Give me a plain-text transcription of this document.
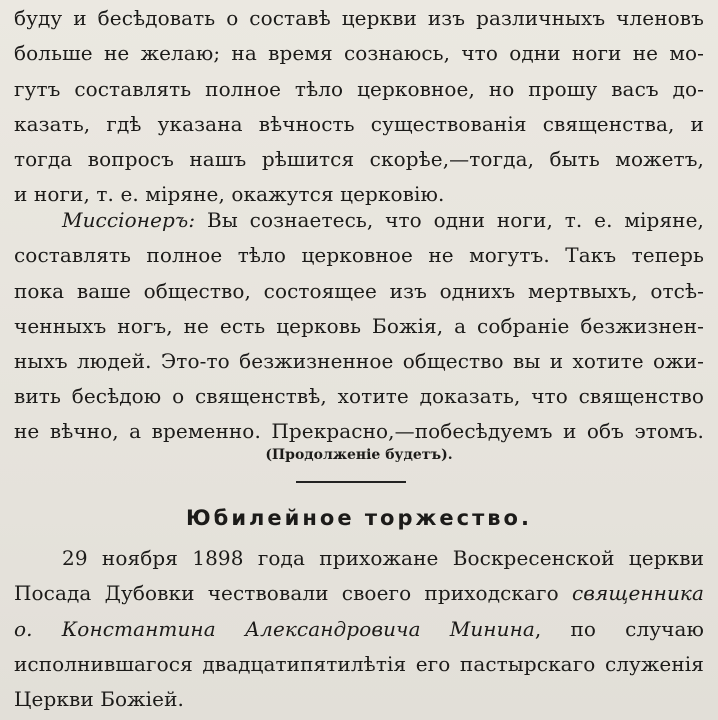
буду и бесѣдовать о составѣ церкви изъ различныхъ членовъ
больше не желаю; на время сознаюсь, что одни ноги не мо-
гутъ составлять полное тѣло церковное, но прошу васъ до-
казать, гдѣ указана вѣчность существованія священства, и
тогда вопросъ нашъ рѣшится скорѣе,—тогда, быть можетъ,
и ноги, т. е. міряне, окажутся церковію.
Миссіонеръ: Вы сознаетесь, что одни ноги, т. е. міряне,
составлять полное тѣло церковное не могутъ. Такъ теперь
пока ваше общество, состоящее изъ однихъ мертвыхъ, отсѣ-
ченныхъ ногъ, не есть церковь Божія, а собраніе безжизнен-
ныхъ людей. Это-то безжизненное общество вы и хотите ожи-
вить бесѣдою о священствѣ, хотите доказать, что священство
не вѣчно, а временно. Прекрасно,—побесѣдуемъ и объ этомъ.
(Продолженіе будетъ).
Юбилейное торжество.
29 ноября 1898 года прихожане Воскресенской церкви
Посада Дубовки чествовали своего приходскаго священника
о. Константина Александровича Минина, по случаю
исполнившагося двадцатипятилѣтія его пастырскаго служенія
Церкви Божіей.
